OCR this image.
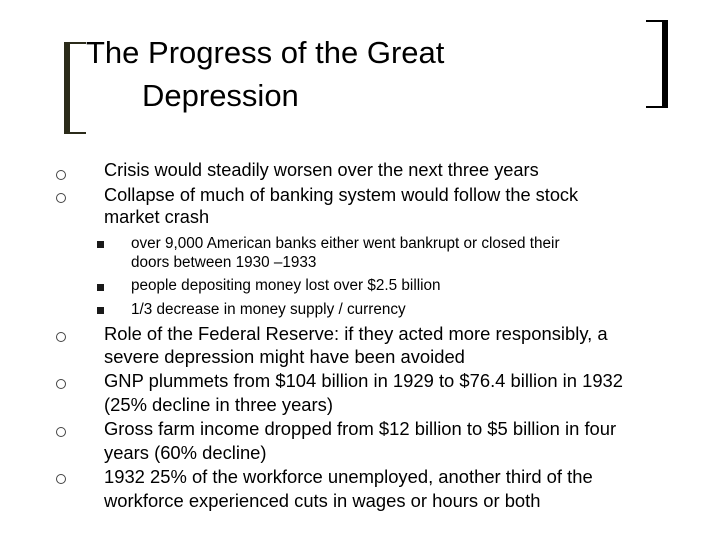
The Progress of the Great
Depression
Crisis would steadily worsen over the next three years
Collapse of much of banking system would follow the stock
market crash
over 9,000 American banks either went bankrupt or closed their
doors between 1930 –1933
people depositing money lost over $2.5 billion
1/3 decrease in money supply / currency
Role of the Federal Reserve: if they acted more responsibly, a
severe depression might have been avoided
GNP plummets from $104 billion in 1929 to $76.4 billion in 1932
(25% decline in three years)
Gross farm income dropped from $12 billion to $5 billion in four
years (60% decline)
1932 25% of the workforce unemployed, another third of the
workforce experienced cuts in wages or hours or both
